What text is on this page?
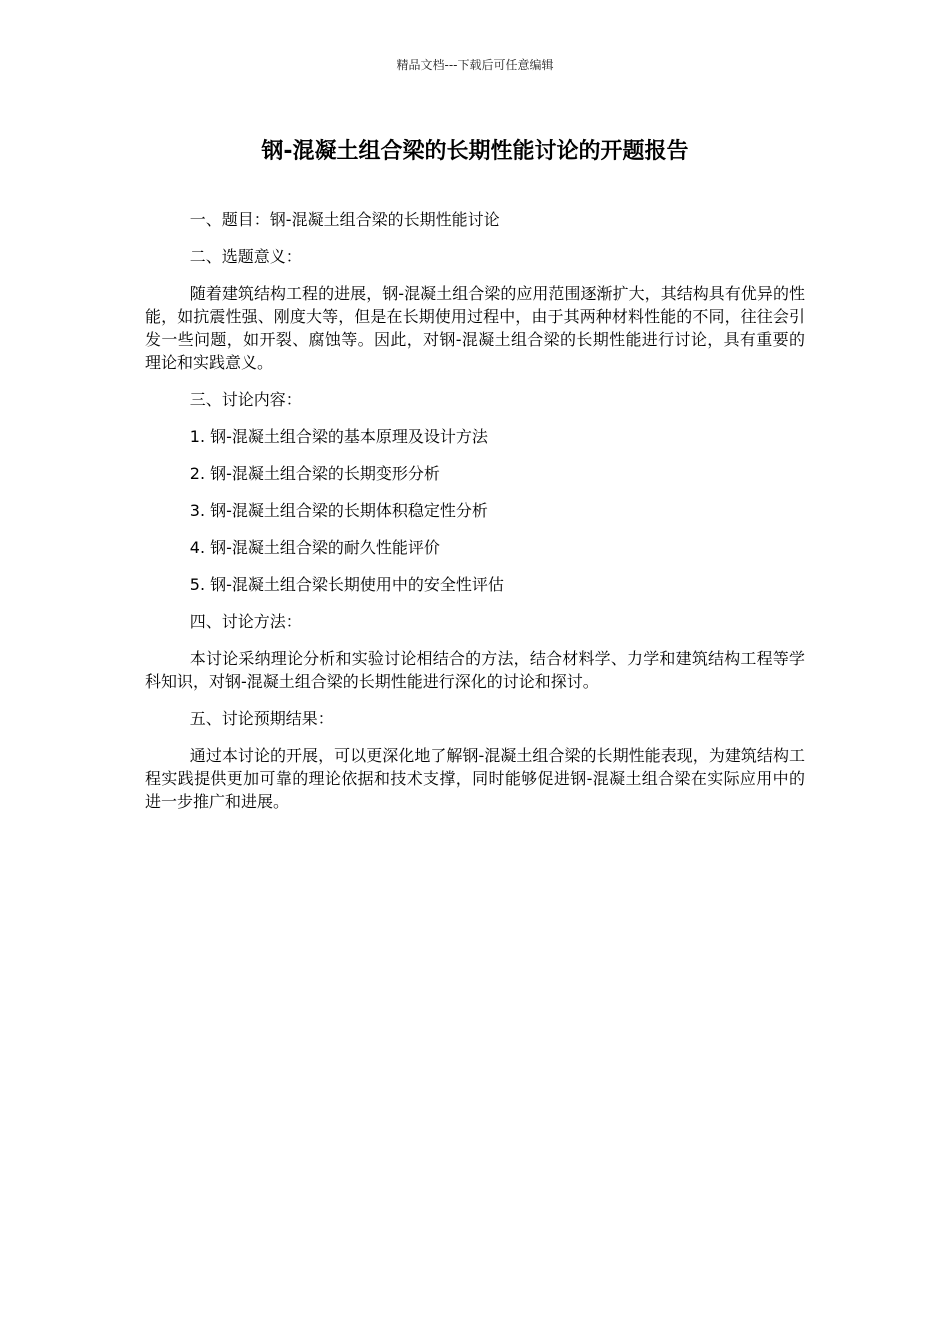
精品文档---下载后可任意编辑
钢-混凝土组合梁的长期性能讨论的开题报告

一、题目：钢-混凝土组合梁的长期性能讨论

二、选题意义：

随着建筑结构工程的进展，钢-混凝土组合梁的应用范围逐渐扩大，其结构具有优异的性能，如抗震性强、刚度大等，但是在长期使用过程中，由于其两种材料性能的不同，往往会引发一些问题，如开裂、腐蚀等。因此，对钢-混凝土组合梁的长期性能进行讨论，具有重要的理论和实践意义。

三、讨论内容：

1. 钢-混凝土组合梁的基本原理及设计方法

2. 钢-混凝土组合梁的长期变形分析

3. 钢-混凝土组合梁的长期体积稳定性分析

4. 钢-混凝土组合梁的耐久性能评价

5. 钢-混凝土组合梁长期使用中的安全性评估

四、讨论方法：

本讨论采纳理论分析和实验讨论相结合的方法，结合材料学、力学和建筑结构工程等学科知识，对钢-混凝土组合梁的长期性能进行深化的讨论和探讨。

五、讨论预期结果：

通过本讨论的开展，可以更深化地了解钢-混凝土组合梁的长期性能表现，为建筑结构工程实践提供更加可靠的理论依据和技术支撑，同时能够促进钢-混凝土组合梁在实际应用中的进一步推广和进展。
